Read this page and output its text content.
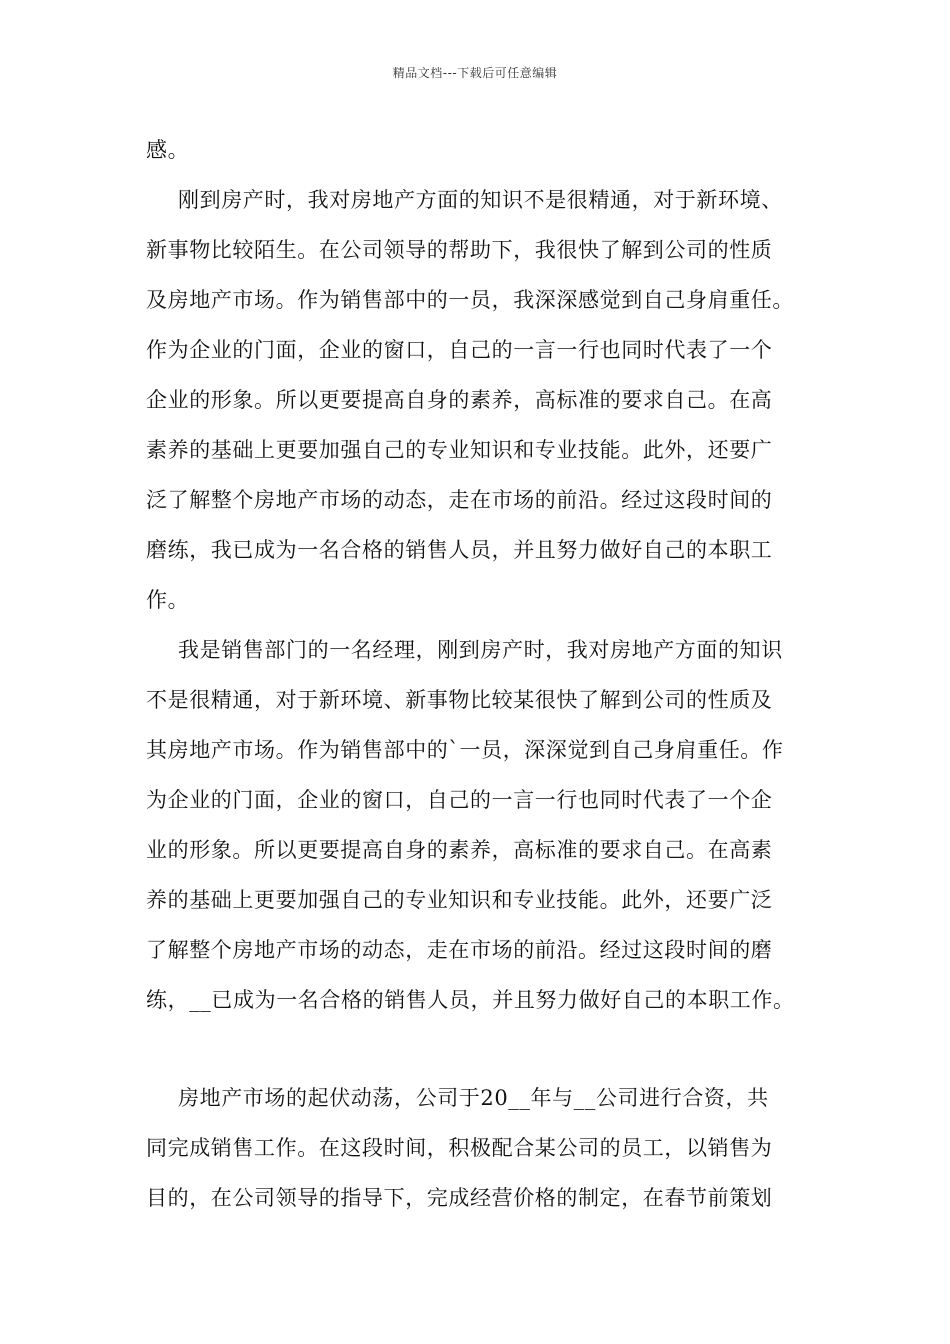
精品文档---下载后可任意编辑
感。
刚到房产时，我对房地产方面的知识不是很精通，对于新环境、
新事物比较陌生。在公司领导的帮助下，我很快了解到公司的性质
及房地产市场。作为销售部中的一员，我深深感觉到自己身肩重任。
作为企业的门面，企业的窗口，自己的一言一行也同时代表了一个
企业的形象。所以更要提高自身的素养，高标准的要求自己。在高
素养的基础上更要加强自己的专业知识和专业技能。此外，还要广
泛了解整个房地产市场的动态，走在市场的前沿。经过这段时间的
磨练，我已成为一名合格的销售人员，并且努力做好自己的本职工
作。
我是销售部门的一名经理，刚到房产时，我对房地产方面的知识
不是很精通，对于新环境、新事物比较某很快了解到公司的性质及
其房地产市场。作为销售部中的`一员，深深觉到自己身肩重任。作
为企业的门面，企业的窗口，自己的一言一行也同时代表了一个企
业的形象。所以更要提高自身的素养，高标准的要求自己。在高素
养的基础上更要加强自己的专业知识和专业技能。此外，还要广泛
了解整个房地产市场的动态，走在市场的前沿。经过这段时间的磨
练，__已成为一名合格的销售人员，并且努力做好自己的本职工作。
房地产市场的起伏动荡，公司于20__年与__公司进行合资，共
同完成销售工作。在这段时间，积极配合某公司的员工，以销售为
目的，在公司领导的指导下，完成经营价格的制定，在春节前策划
